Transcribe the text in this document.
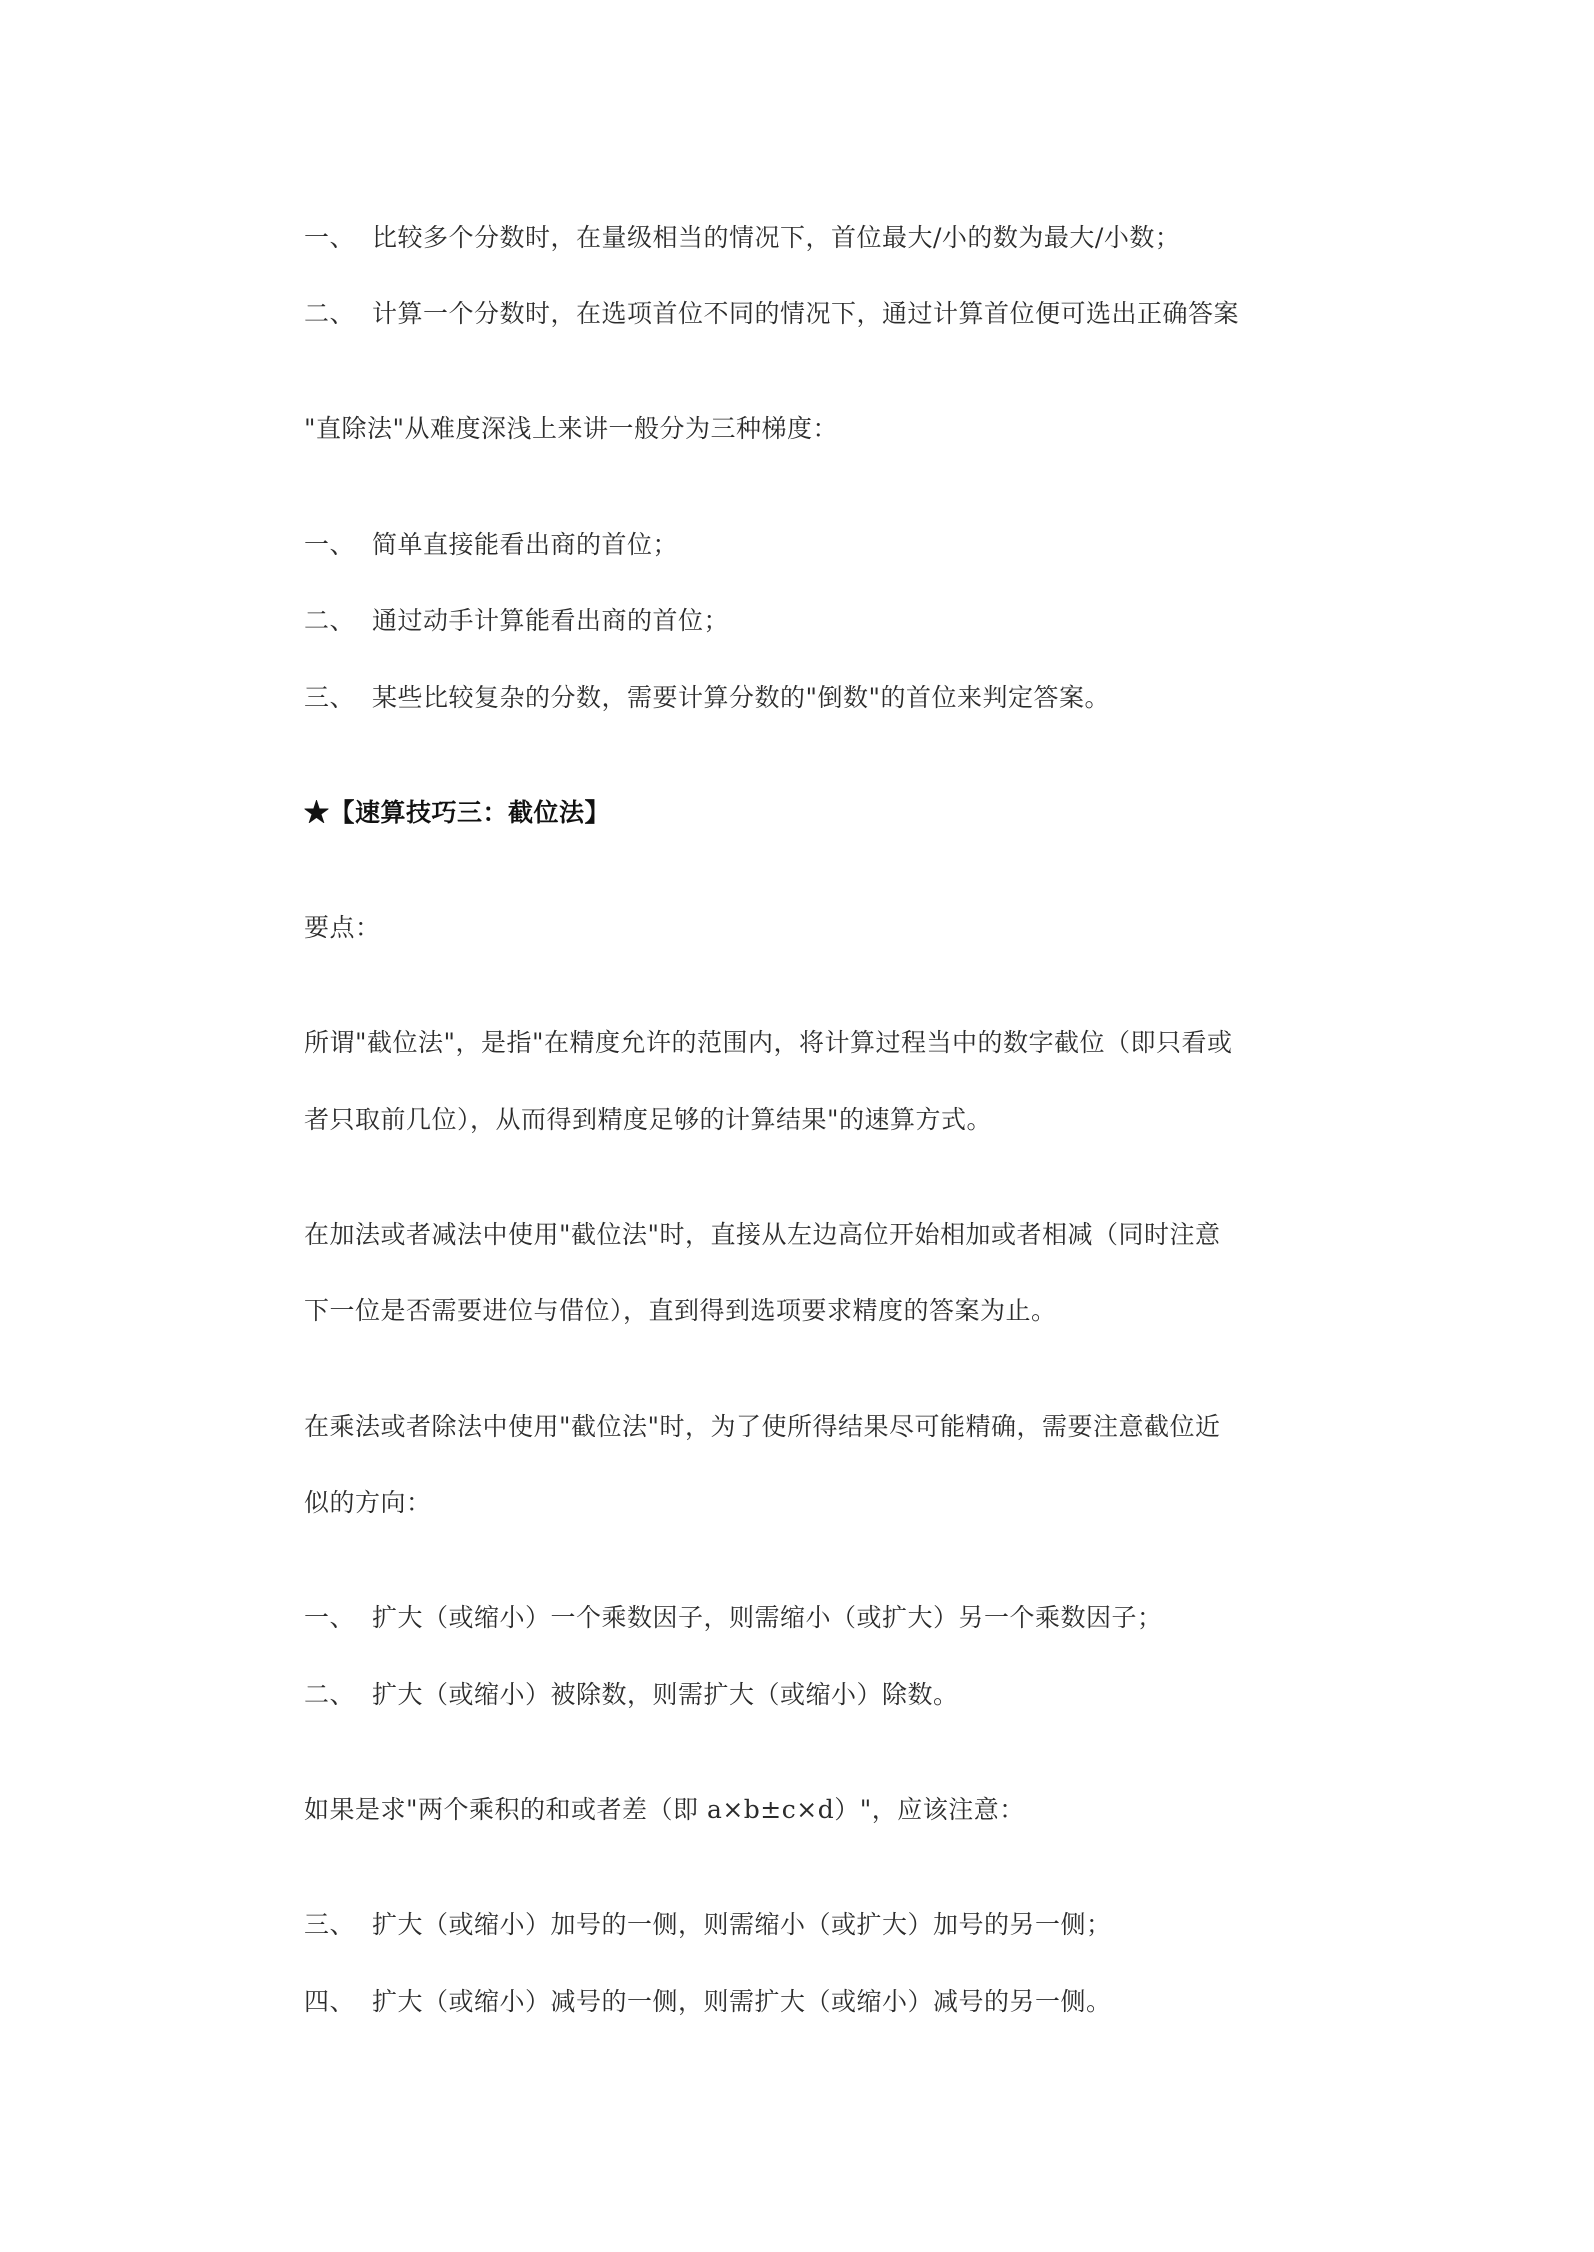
一、 比较多个分数时，在量级相当的情况下，首位最大/小的数为最大/小数；
二、 计算一个分数时，在选项首位不同的情况下，通过计算首位便可选出正确答案
"直除法"从难度深浅上来讲一般分为三种梯度：
一、 简单直接能看出商的首位；
二、 通过动手计算能看出商的首位；
三、 某些比较复杂的分数，需要计算分数的"倒数"的首位来判定答案。
★【速算技巧三：截位法】
要点：
所谓"截位法"，是指"在精度允许的范围内，将计算过程当中的数字截位（即只看或
者只取前几位），从而得到精度足够的计算结果"的速算方式。
在加法或者减法中使用"截位法"时，直接从左边高位开始相加或者相减（同时注意
下一位是否需要进位与借位），直到得到选项要求精度的答案为止。
在乘法或者除法中使用"截位法"时，为了使所得结果尽可能精确，需要注意截位近
似的方向：
一、 扩大（或缩小）一个乘数因子，则需缩小（或扩大）另一个乘数因子；
二、 扩大（或缩小）被除数，则需扩大（或缩小）除数。
如果是求"两个乘积的和或者差（即 a×b±c×d）"，应该注意：
三、 扩大（或缩小）加号的一侧，则需缩小（或扩大）加号的另一侧；
四、 扩大（或缩小）减号的一侧，则需扩大（或缩小）减号的另一侧。
